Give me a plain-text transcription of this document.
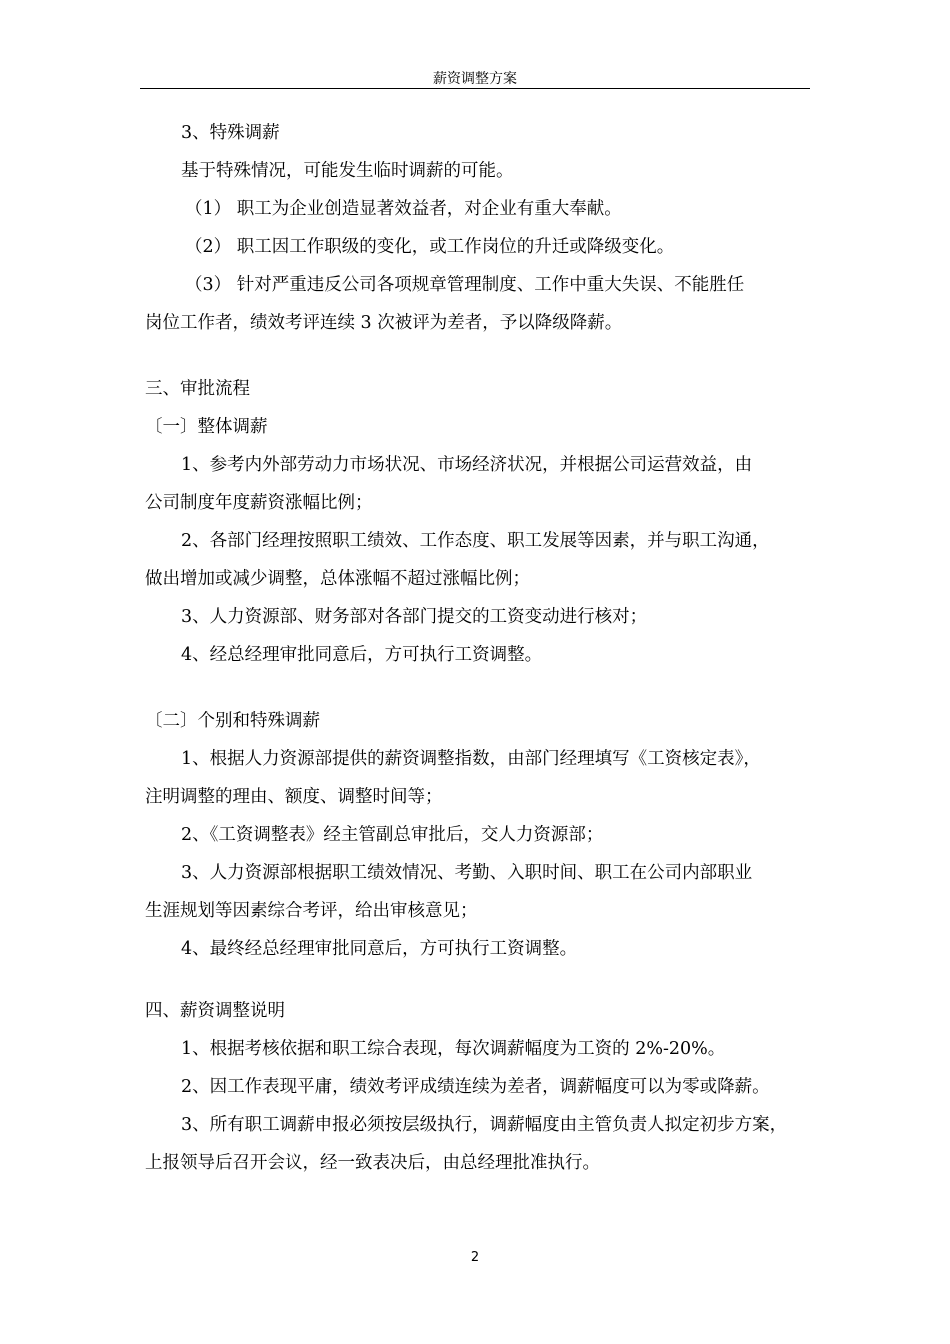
薪资调整方案

3、特殊调薪

基于特殊情况，可能发生临时调薪的可能。

（1） 职工为企业创造显著效益者，对企业有重大奉献。

（2） 职工因工作职级的变化，或工作岗位的升迁或降级变化。

（3） 针对严重违反公司各项规章管理制度、工作中重大失误、不能胜任

岗位工作者，绩效考评连续 3 次被评为差者，予以降级降薪。

三、审批流程

〔一〕整体调薪

1、参考内外部劳动力市场状况、市场经济状况，并根据公司运营效益，由

公司制度年度薪资涨幅比例；

2、各部门经理按照职工绩效、工作态度、职工发展等因素，并与职工沟通，

做出增加或减少调整，总体涨幅不超过涨幅比例；

3、人力资源部、财务部对各部门提交的工资变动进行核对；

4、经总经理审批同意后，方可执行工资调整。

〔二〕个别和特殊调薪

1、根据人力资源部提供的薪资调整指数，由部门经理填写《工资核定表》，

注明调整的理由、额度、调整时间等；

2、《工资调整表》经主管副总审批后，交人力资源部；

3、人力资源部根据职工绩效情况、考勤、入职时间、职工在公司内部职业

生涯规划等因素综合考评，给出审核意见；

4、最终经总经理审批同意后，方可执行工资调整。

四、薪资调整说明

1、根据考核依据和职工综合表现，每次调薪幅度为工资的 2%-20%。

2、因工作表现平庸，绩效考评成绩连续为差者，调薪幅度可以为零或降薪。

3、所有职工调薪申报必须按层级执行，调薪幅度由主管负责人拟定初步方案，

上报领导后召开会议，经一致表决后，由总经理批准执行。

2
